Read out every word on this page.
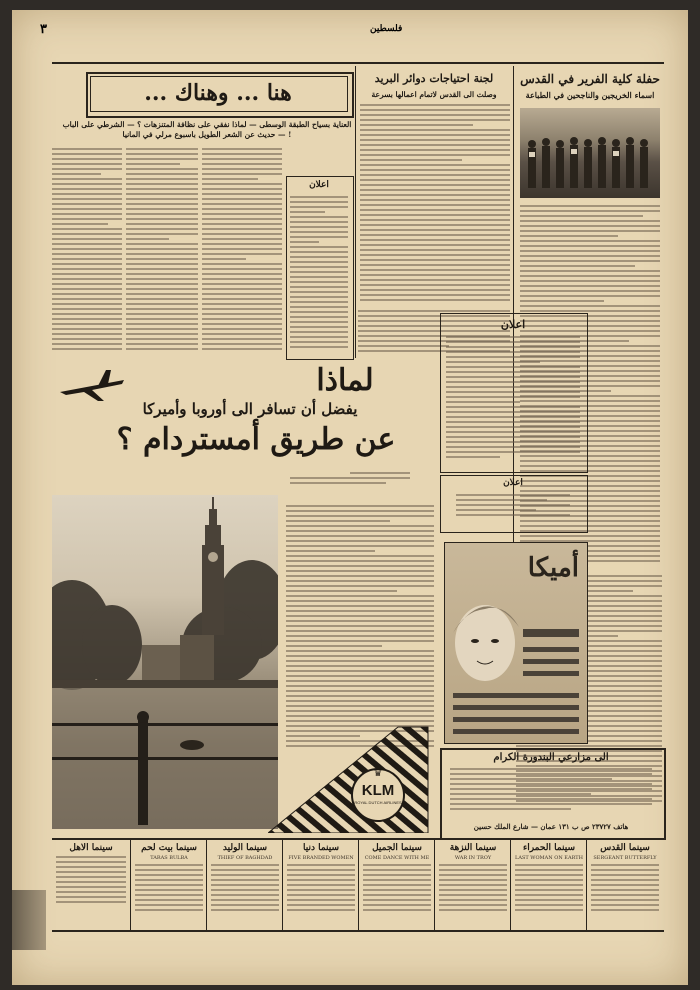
٣	فلسطين
حفلة كلية الفرير في القدس
اسماء الخريجين والناجحين في الطباعة
لجنة احتياجات دوائر البريد
وصلت الى القدس لاتمام اعمالها بسرعة
هنا ... وهناك ...
العناية بسياح الطبقة الوسطى — لماذا نفقي على نظافة المتنزهات ؟ — الشرطي على الباب ! — حديث عن الشعر الطويل باسبوع مرلي في المانيا
اعلان
اعلان
اعلان
لماذا
يفضل أن تسافر الى أوروبا وأميركا
عن طريق أمستردام ؟
KLM
ROYAL DUTCH AIRLINES
♛
أميكا
الى مزارعي البندورة الكرام
هاتف ٢٣٧٢٧ ص ب ١٣١ عمان — شارع الملك حسين
سينما القدس
SERGEANT BUTTERFLY
سينما الحمراء
LAST WOMAN ON EARTH
سينما النزهة
WAR IN TROY
سينما الجميل
COME DANCE WITH ME
سينما دنيا
FIVE BRANDED WOMEN
سينما الوليد
THIEF OF BAGHDAD
سينما بيت لحم
TARAS BULBA
سينما الاهل
